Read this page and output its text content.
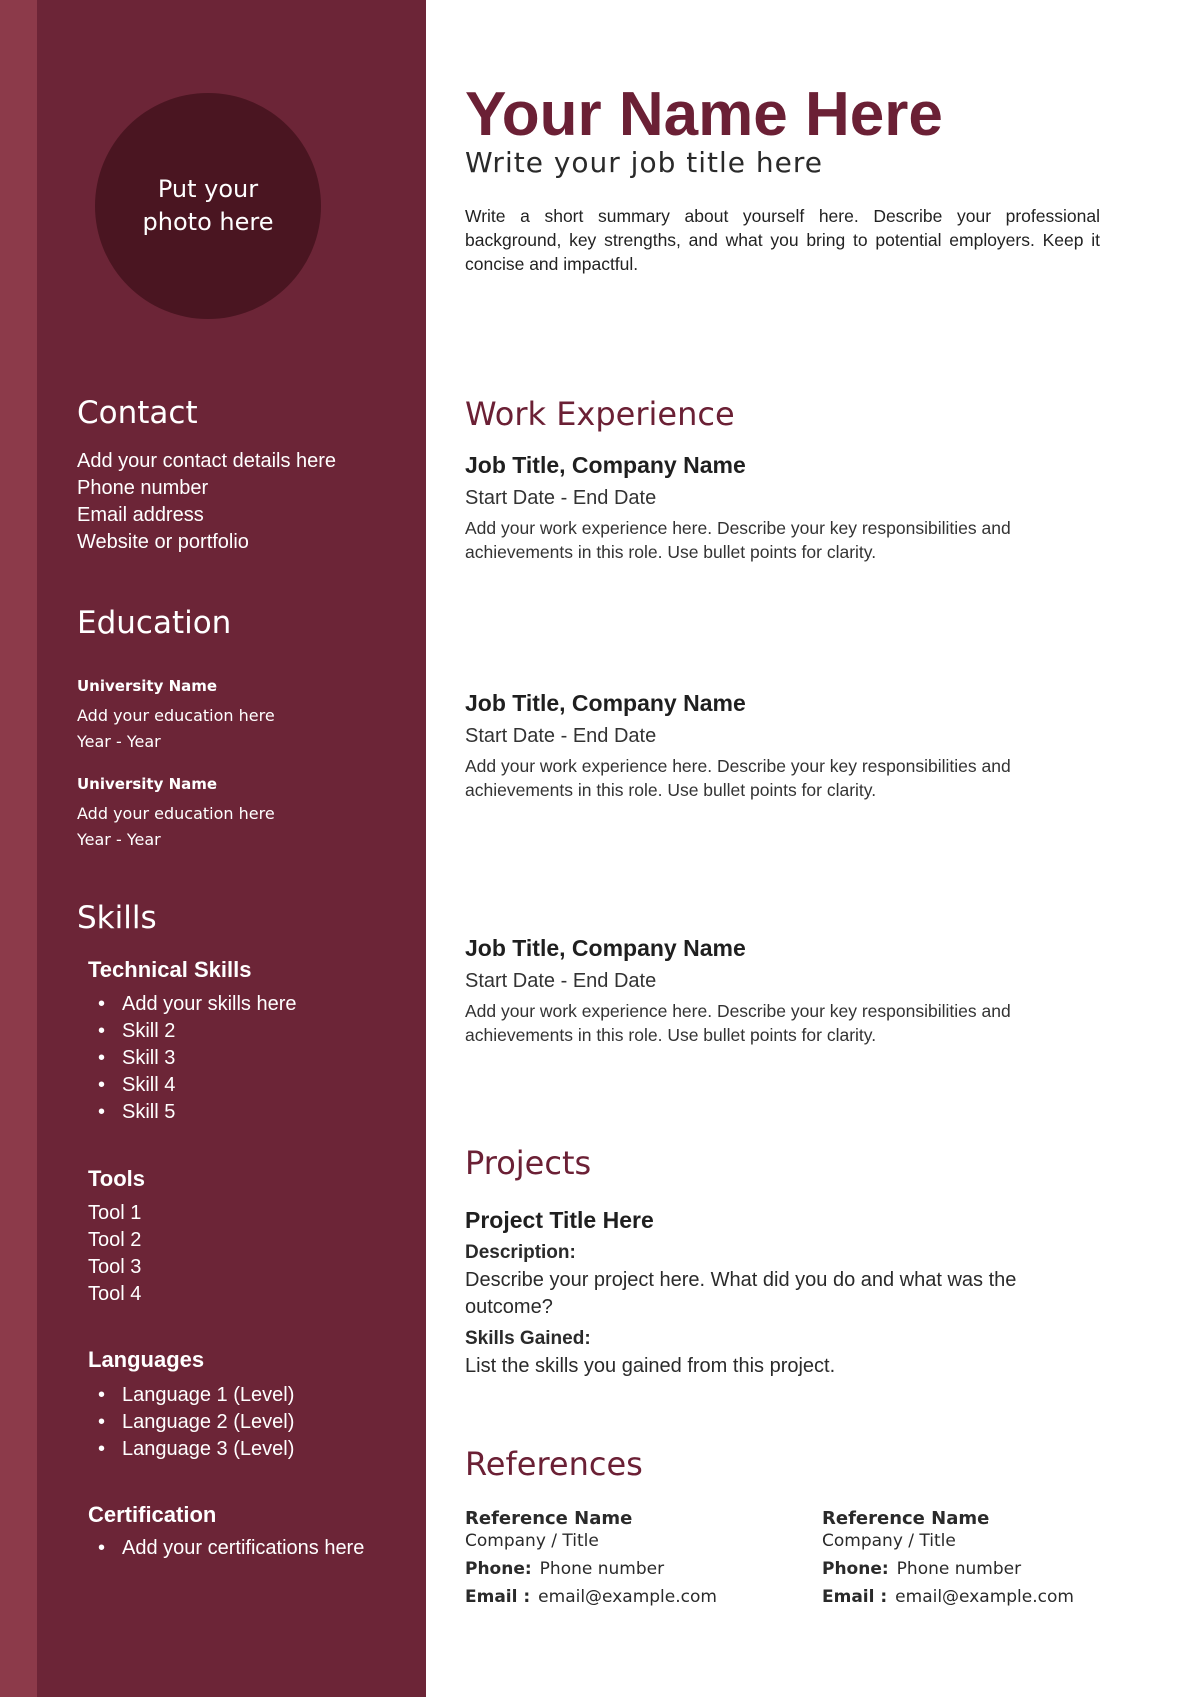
Put your photo here
Contact
Add your contact details here
Phone number
Email address
Website or portfolio
Education
University Name
Add your education here
Year - Year
University Name
Add your education here
Year - Year
Skills
Technical Skills
• Add your skills here
• Skill 2
• Skill 3
• Skill 4
• Skill 5
Tools
Tool 1
Tool 2
Tool 3
Tool 4
Languages
• Language 1 (Level)
• Language 2 (Level)
• Language 3 (Level)
Certification
• Add your certifications here
Your Name Here
Write your job title here

Write a short summary about yourself here. Describe your professional background, key strengths, and what you bring to potential employers. Keep it concise and impactful.

Work Experience
Job Title, Company Name
Start Date - End Date
Add your work experience here. Describe your key responsibilities and achievements in this role. Use bullet points for clarity.
Job Title, Company Name
Start Date - End Date
Add your work experience here. Describe your key responsibilities and achievements in this role. Use bullet points for clarity.
Job Title, Company Name
Start Date - End Date
Add your work experience here. Describe your key responsibilities and achievements in this role. Use bullet points for clarity.
Projects
Project Title Here
Description:
Describe your project here. What did you do and what was the outcome?
Skills Gained:
List the skills you gained from this project.
References
Reference Name
Company / Title
Phone: Phone number
Email : email@example.com
Reference Name
Company / Title
Phone: Phone number
Email : email@example.com
